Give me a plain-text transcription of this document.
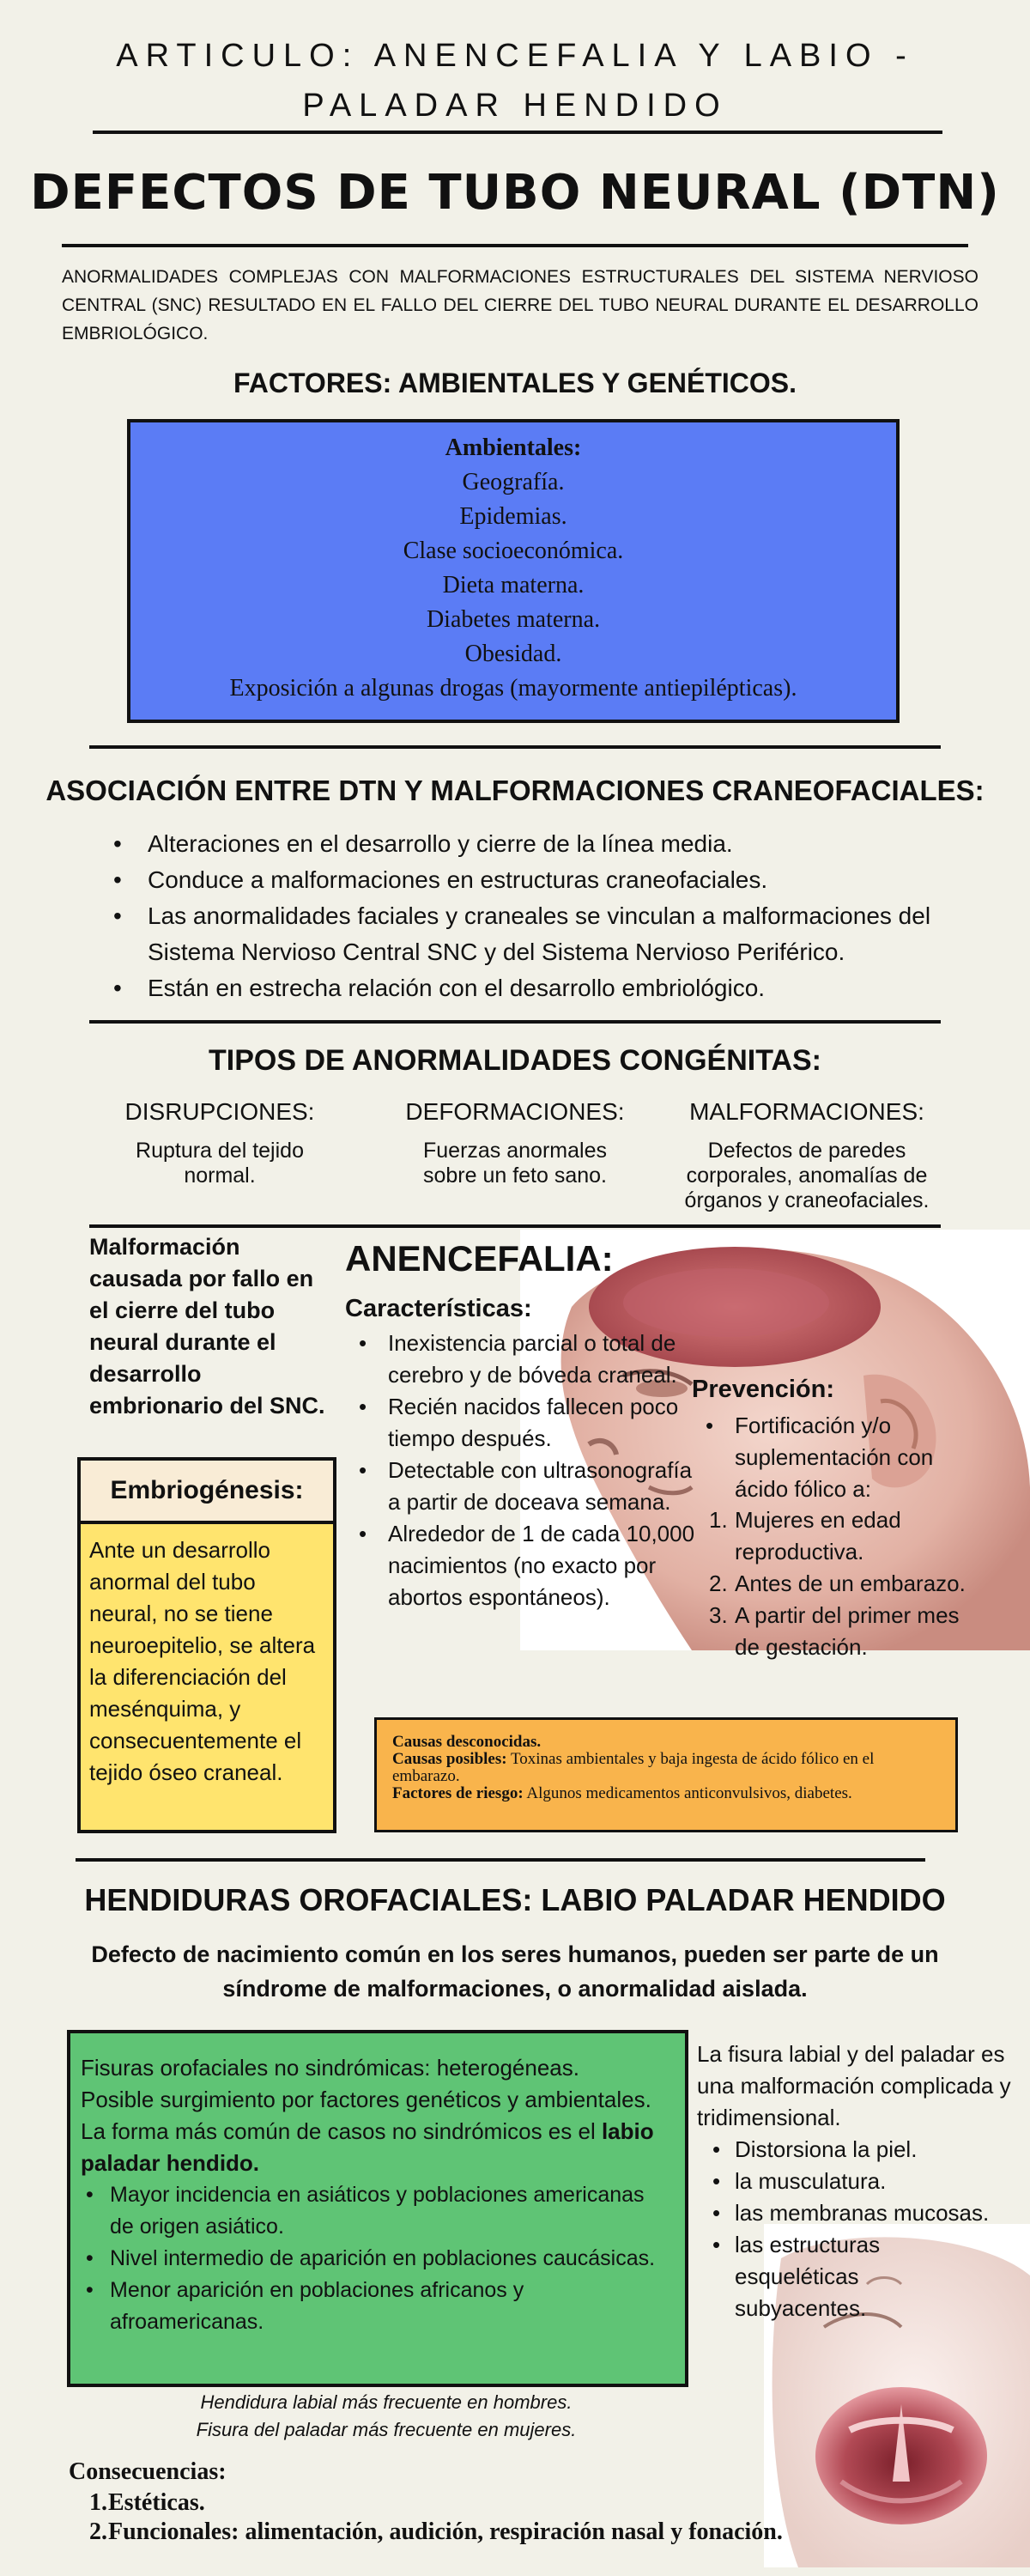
ARTICULO: ANENCEFALIA Y LABIO -
PALADAR HENDIDO
DEFECTOS DE TUBO NEURAL (DTN)
ANORMALIDADES COMPLEJAS CON MALFORMACIONES ESTRUCTURALES DEL SISTEMA NERVIOSO CENTRAL (SNC) RESULTADO EN EL FALLO DEL CIERRE DEL TUBO NEURAL DURANTE EL DESARROLLO EMBRIOLÓGICO.
FACTORES: AMBIENTALES Y GENÉTICOS.
Ambientales:
Geografía.
Epidemias.
Clase socioeconómica.
Dieta materna.
Diabetes materna.
Obesidad.
Exposición a algunas drogas (mayormente antiepilépticas).
ASOCIACIÓN ENTRE DTN Y MALFORMACIONES CRANEOFACIALES:
• Alteraciones en el desarrollo y cierre de la línea media.
• Conduce a malformaciones en estructuras craneofaciales.
• Las anormalidades faciales y craneales se vinculan a malformaciones del Sistema Nervioso Central SNC y del Sistema Nervioso Periférico.
• Están en estrecha relación con el desarrollo embriológico.
TIPOS DE ANORMALIDADES CONGÉNITAS:
DISRUPCIONES:
Ruptura del tejido normal.
DEFORMACIONES:
Fuerzas anormales sobre un feto sano.
MALFORMACIONES:
Defectos de paredes corporales, anomalías de órganos y craneofaciales.
Malformación causada por fallo en el cierre del tubo neural durante el desarrollo embrionario del SNC.
ANENCEFALIA:
Características:
• Inexistencia parcial o total de cerebro y de bóveda craneal.
• Recién nacidos fallecen poco tiempo después.
• Detectable con ultrasonografía a partir de doceava semana.
• Alrededor de 1 de cada 10,000 nacimientos (no exacto por abortos espontáneos).
Prevención:
• Fortificación y/o suplementación con ácido fólico a:
Mujeres en edad reproductiva.
Antes de un embarazo.
A partir del primer mes de gestación.
Embriogénesis:
Ante un desarrollo anormal del tubo neural, no se tiene neuroepitelio, se altera la diferenciación del mesénquima, y consecuentemente el tejido óseo craneal.
Causas desconocidas.
Causas posibles: Toxinas ambientales y baja ingesta de ácido fólico en el embarazo.
Factores de riesgo: Algunos medicamentos anticonvulsivos, diabetes.
HENDIDURAS OROFACIALES: LABIO PALADAR HENDIDO
Defecto de nacimiento común en los seres humanos, pueden ser parte de un síndrome de malformaciones, o anormalidad aislada.
Fisuras orofaciales no sindrómicas: heterogéneas.
Posible surgimiento por factores genéticos y ambientales.
La forma más común de casos no sindrómicos es el labio paladar hendido.
• Mayor incidencia en asiáticos y poblaciones americanas de origen asiático.
• Nivel intermedio de aparición en poblaciones caucásicas.
• Menor aparición en poblaciones africanos y afroamericanas.
La fisura labial y del paladar es una malformación complicada y tridimensional.
• Distorsiona la piel.
• la musculatura.
• las membranas mucosas.
• las estructuras esqueléticas subyacentes.
Hendidura labial más frecuente en hombres.
Fisura del paladar más frecuente en mujeres.
Consecuencias:
1. Estéticas.
2. Funcionales: alimentación, audición, respiración nasal y fonación.
